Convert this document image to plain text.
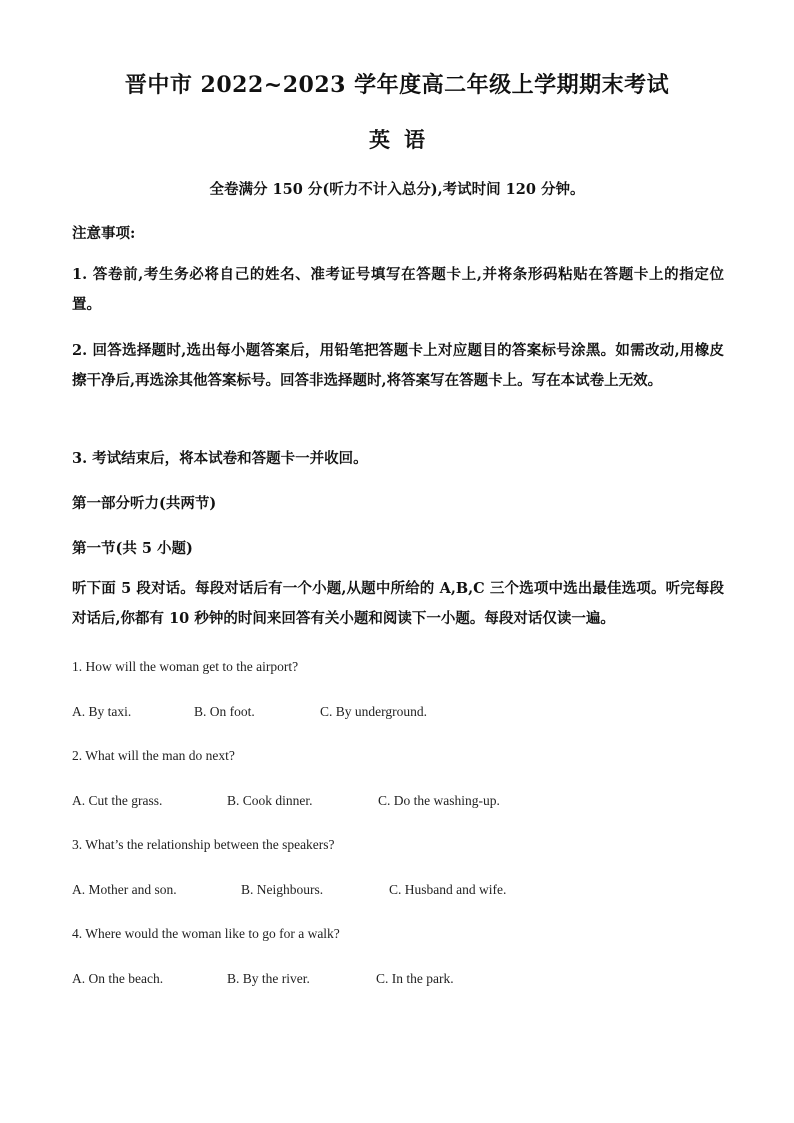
晋中市 2022~2023 学年度高二年级上学期期末考试
英语
全卷满分 150 分(听力不计入总分),考试时间 120 分钟。
注意事项:
1. 答卷前,考生务必将自己的姓名、准考证号填写在答题卡上,并将条形码粘贴在答题卡上的指定位置。
2. 回答选择题时,选出每小题答案后，用铅笔把答题卡上对应题目的答案标号涂黑。如需改动,用橡皮擦干净后,再选涂其他答案标号。回答非选择题时,将答案写在答题卡上。写在本试卷上无效。
3. 考试结束后，将本试卷和答题卡一并收回。
第一部分听力(共两节)
第一节(共 5 小题)
听下面 5 段对话。每段对话后有一个小题,从题中所给的 A,B,C 三个选项中选出最佳选项。听完每段对话后,你都有 10 秒钟的时间来回答有关小题和阅读下一小题。每段对话仅读一遍。
1. How will the woman get to the airport?
A. By taxi.	B. On foot.	C. By underground.
2. What will the man do next?
A. Cut the grass.	B. Cook dinner.	C. Do the washing-up.
3. What’s the relationship between the speakers?
A. Mother and son.	B. Neighbours.	C. Husband and wife.
4. Where would the woman like to go for a walk?
A. On the beach.	B. By the river.	C. In the park.
